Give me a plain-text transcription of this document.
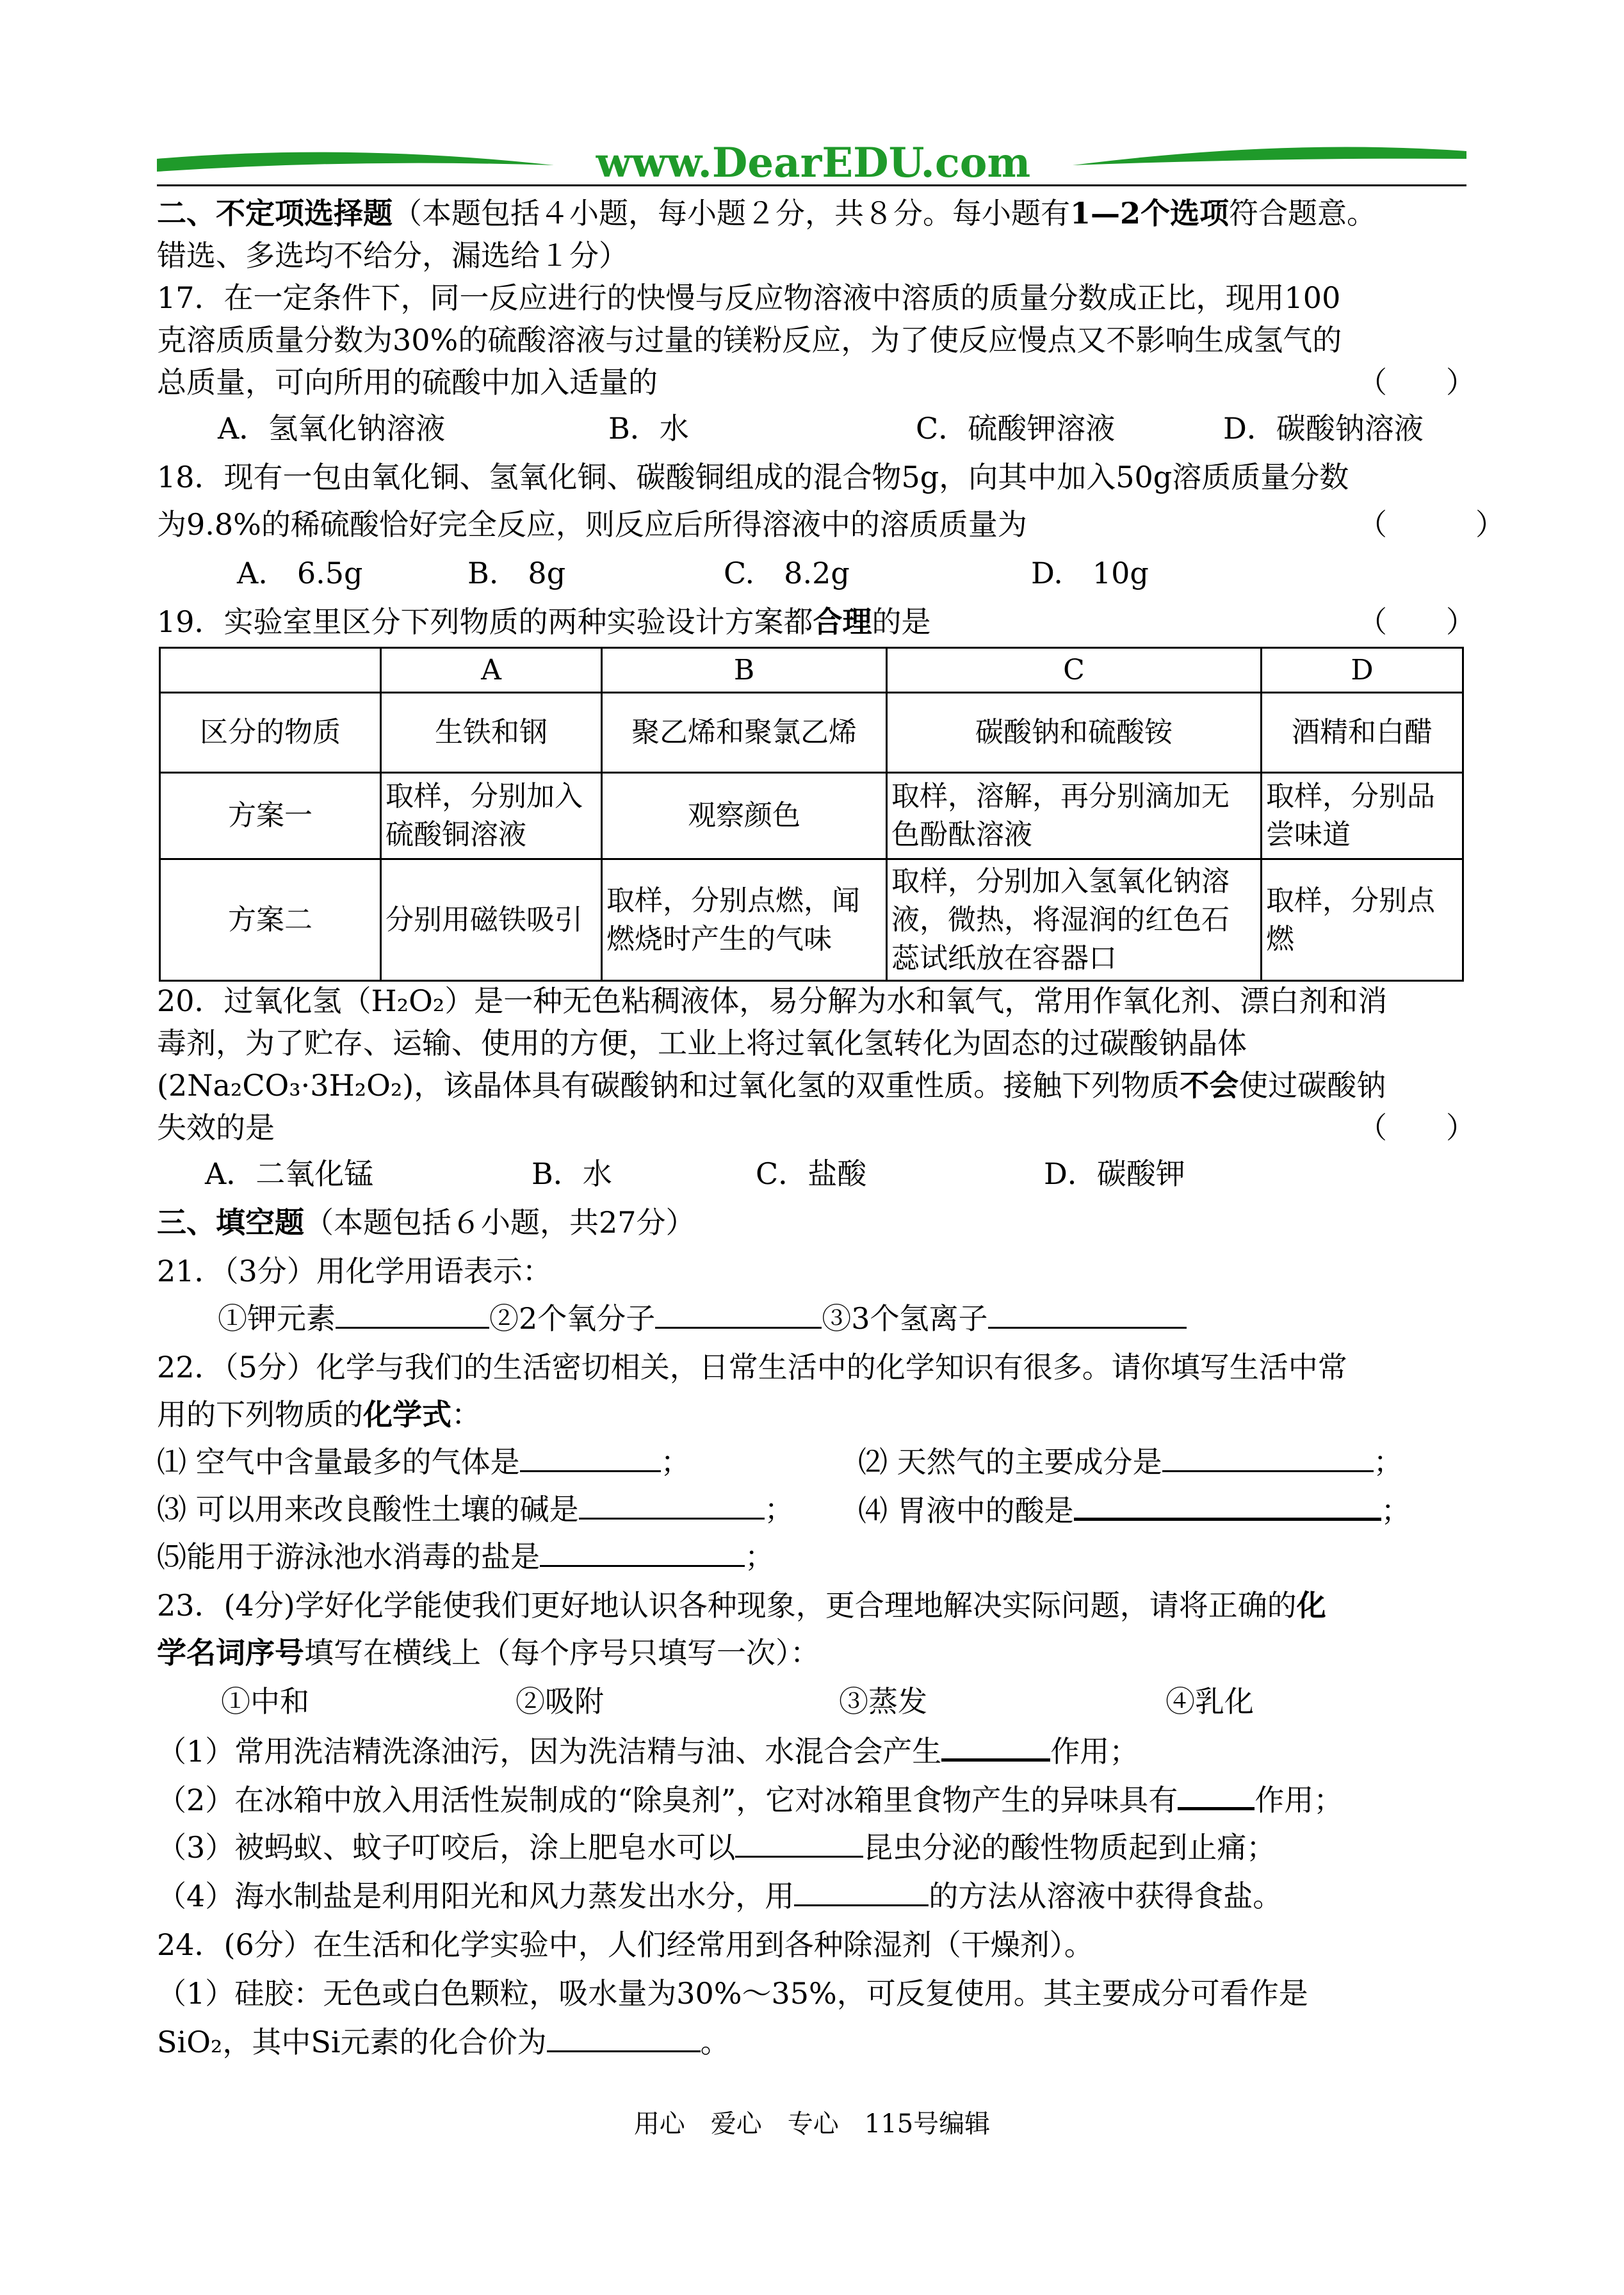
www.DearEDU.com
二、不定项选择题（本题包括４小题，每小题２分，共８分。每小题有1—2个选项符合题意。
错选、多选均不给分，漏选给１分）
17．在一定条件下，同一反应进行的快慢与反应物溶液中溶质的质量分数成正比，现用100
克溶质质量分数为30%的硫酸溶液与过量的镁粉反应，为了使反应慢点又不影响生成氢气的
总质量，可向所用的硫酸中加入适量的	（　　）
A．氢氧化钠溶液	B．水	C．硫酸钾溶液	D．碳酸钠溶液
18．现有一包由氧化铜、氢氧化铜、碳酸铜组成的混合物5g，向其中加入50g溶质质量分数
为9.8%的稀硫酸恰好完全反应，则反应后所得溶液中的溶质质量为	（　　　）
A.　6.5g	B.　8g	C.　8.2g	D.　10g
19．实验室里区分下列物质的两种实验设计方案都合理的是	（　　）
	A	B	C	D
区分的物质	生铁和钢	聚乙烯和聚氯乙烯	碳酸钠和硫酸铵	酒精和白醋
方案一	取样，分别加入硫酸铜溶液	观察颜色	取样，溶解，再分别滴加无色酚酞溶液	取样，分别品尝味道
方案二	分别用磁铁吸引	取样，分别点燃，闻燃烧时产生的气味	取样，分别加入氢氧化钠溶液，微热，将湿润的红色石蕊试纸放在容器口	取样，分别点燃
20．过氧化氢（H₂O₂）是一种无色粘稠液体，易分解为水和氧气，常用作氧化剂、漂白剂和消
毒剂，为了贮存、运输、使用的方便，工业上将过氧化氢转化为固态的过碳酸钠晶体
(2Na₂CO₃·3H₂O₂)，该晶体具有碳酸钠和过氧化氢的双重性质。接触下列物质不会使过碳酸钠
失效的是	（　　）
A．二氧化锰	B．水	C．盐酸	D．碳酸钾
三、填空题（本题包括６小题，共27分）
21．（3分）用化学用语表示：
①钾元素	②2个氧分子	③3个氢离子
22．（5分）化学与我们的生活密切相关，日常生活中的化学知识有很多。请你填写生活中常
用的下列物质的化学式：
⑴ 空气中含量最多的气体是	；	⑵ 天然气的主要成分是	；
⑶ 可以用来改良酸性土壤的碱是	； ⑷ 胃液中的酸是	；
⑸能用于游泳池水消毒的盐是	；
23．(4分)学好化学能使我们更好地认识各种现象，更合理地解决实际问题，请将正确的化
学名词序号填写在横线上（每个序号只填写一次）：
①中和	②吸附	③蒸发	④乳化
（1）常用洗洁精洗涤油污，因为洗洁精与油、水混合会产生	作用；
（2）在冰箱中放入用活性炭制成的“除臭剂”，它对冰箱里食物产生的异味具有	作用；
（3）被蚂蚁、蚊子叮咬后，涂上肥皂水可以	昆虫分泌的酸性物质起到止痛；
（4）海水制盐是利用阳光和风力蒸发出水分，用	的方法从溶液中获得食盐。
24．(6分）在生活和化学实验中，人们经常用到各种除湿剂（干燥剂）。
（1）硅胶：无色或白色颗粒，吸水量为30%～35%，可反复使用。其主要成分可看作是
SiO₂，其中Si元素的化合价为	。
用心　爱心　专心　115号编辑
